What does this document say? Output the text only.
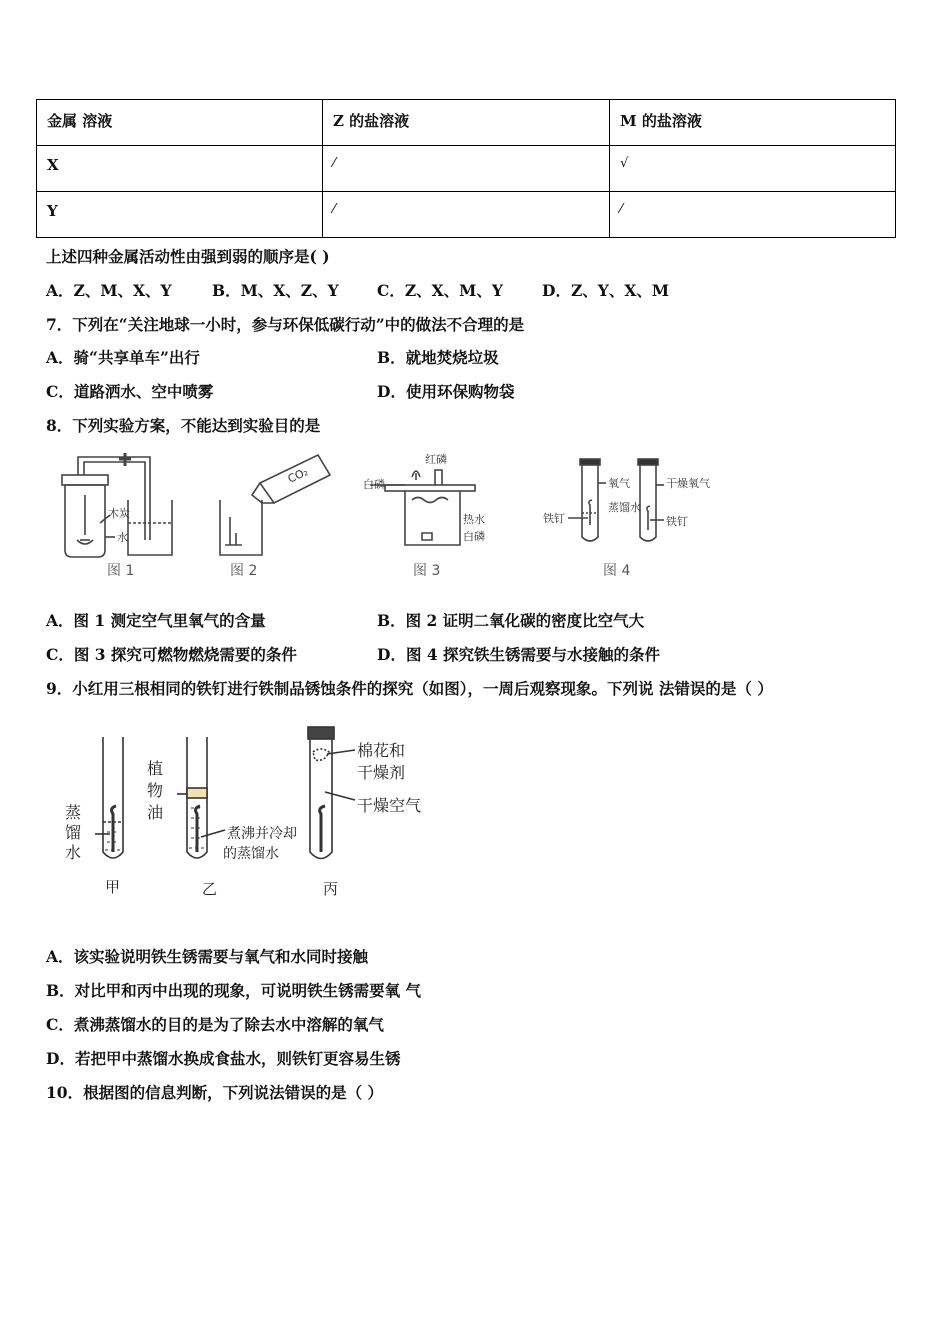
金属 溶液	Z 的盐溶液	M 的盐溶液
X	⁄	√
Y	⁄	⁄
上述四种金属活动性由强到弱的顺序是( )
A．Z、M、X、Y	B．M、X、Z、Y C．Z、X、M、Y	D．Z、Y、X、M
7．下列在“关注地球一小时，参与环保低碳行动”中的做法不合理的是
A．骑“共享单车”出行	B．就地焚烧垃圾
C．道路洒水、空中喷雾	D．使用环保购物袋
8．下列实验方案，不能达到实验目的是
木炭
水
CO₂	白磷
红磷
热水
白磷
氧气
蒸馏水
铁钉
干燥氧气
铁钉
图 1	图 2	图 3	图 4
A．图 1 测定空气里氧气的含量	B．图 2 证明二氧化碳的密度比空气大
C．图 3 探究可燃物燃烧需要的条件	D．图 4 探究铁生锈需要与水接触的条件
9．小红用三根相同的铁钉进行铁制品锈蚀条件的探究（如图），一周后观察现象。下列说 法错误的是（ ）
蒸馏水
植物油
煮沸并冷却
的蒸馏水
棉花和
干燥剂
干燥空气
甲	乙	丙
A．该实验说明铁生锈需要与氧气和水同时接触
B．对比甲和丙中出现的现象，可说明铁生锈需要氧 气
C．煮沸蒸馏水的目的是为了除去水中溶解的氧气
D．若把甲中蒸馏水换成食盐水，则铁钉更容易生锈
10．根据图的信息判断，下列说法错误的是（ ）
